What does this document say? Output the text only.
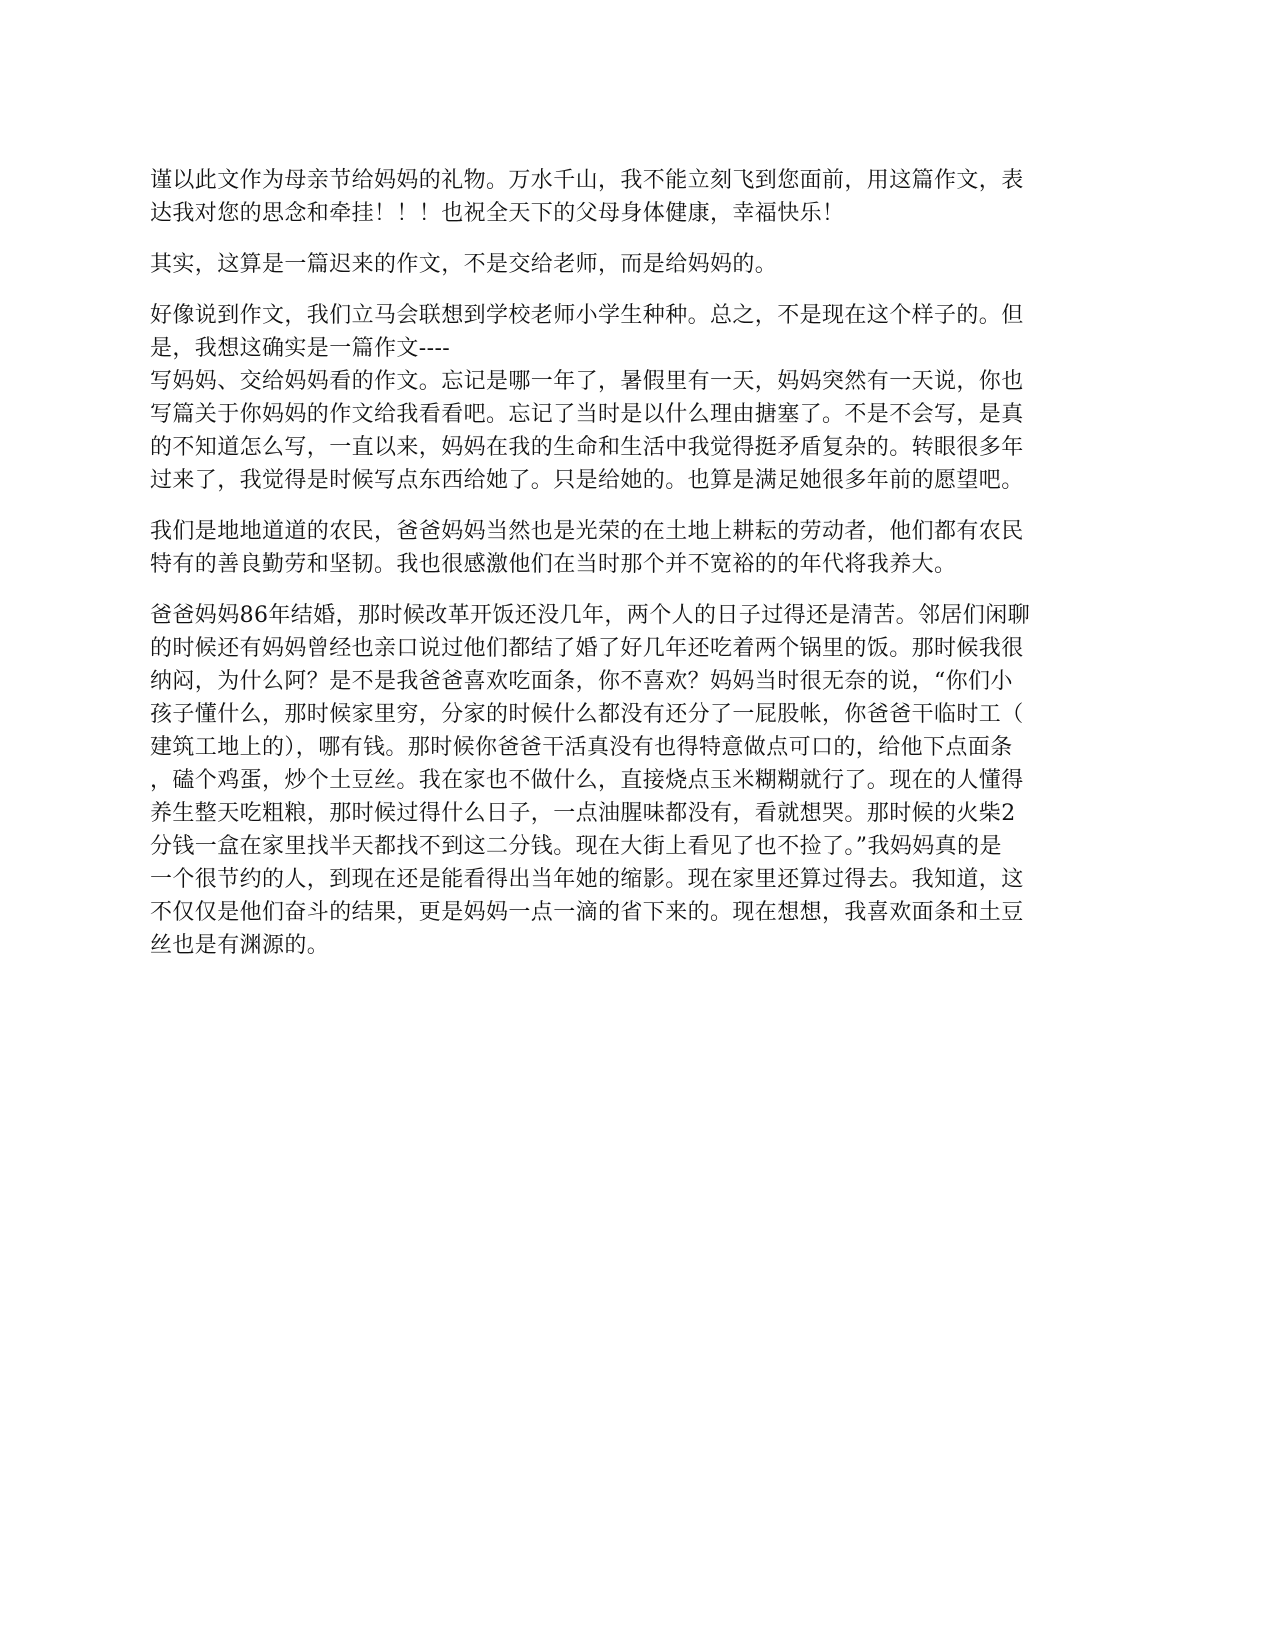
谨以此文作为母亲节给妈妈的礼物。万水千山，我不能立刻飞到您面前，用这篇作文，表
达我对您的思念和牵挂！！！也祝全天下的父母身体健康，幸福快乐！
其实，这算是一篇迟来的作文，不是交给老师，而是给妈妈的。
好像说到作文，我们立马会联想到学校老师小学生种种。总之，不是现在这个样子的。但
是，我想这确实是一篇作文----
写妈妈、交给妈妈看的作文。忘记是哪一年了，暑假里有一天，妈妈突然有一天说，你也
写篇关于你妈妈的作文给我看看吧。忘记了当时是以什么理由搪塞了。不是不会写，是真
的不知道怎么写，一直以来，妈妈在我的生命和生活中我觉得挺矛盾复杂的。转眼很多年
过来了，我觉得是时候写点东西给她了。只是给她的。也算是满足她很多年前的愿望吧。
我们是地地道道的农民，爸爸妈妈当然也是光荣的在土地上耕耘的劳动者，他们都有农民
特有的善良勤劳和坚韧。我也很感激他们在当时那个并不宽裕的的年代将我养大。
爸爸妈妈86年结婚，那时候改革开饭还没几年，两个人的日子过得还是清苦。邻居们闲聊
的时候还有妈妈曾经也亲口说过他们都结了婚了好几年还吃着两个锅里的饭。那时候我很
纳闷，为什么阿？是不是我爸爸喜欢吃面条，你不喜欢？妈妈当时很无奈的说，“你们小
孩子懂什么，那时候家里穷，分家的时候什么都没有还分了一屁股帐，你爸爸干临时工（
建筑工地上的），哪有钱。那时候你爸爸干活真没有也得特意做点可口的，给他下点面条
，磕个鸡蛋，炒个土豆丝。我在家也不做什么，直接烧点玉米糊糊就行了。现在的人懂得
养生整天吃粗粮，那时候过得什么日子，一点油腥味都没有，看就想哭。那时候的火柴2
分钱一盒在家里找半天都找不到这二分钱。现在大街上看见了也不捡了。”我妈妈真的是
一个很节约的人，到现在还是能看得出当年她的缩影。现在家里还算过得去。我知道，这
不仅仅是他们奋斗的结果，更是妈妈一点一滴的省下来的。现在想想，我喜欢面条和土豆
丝也是有渊源的。
